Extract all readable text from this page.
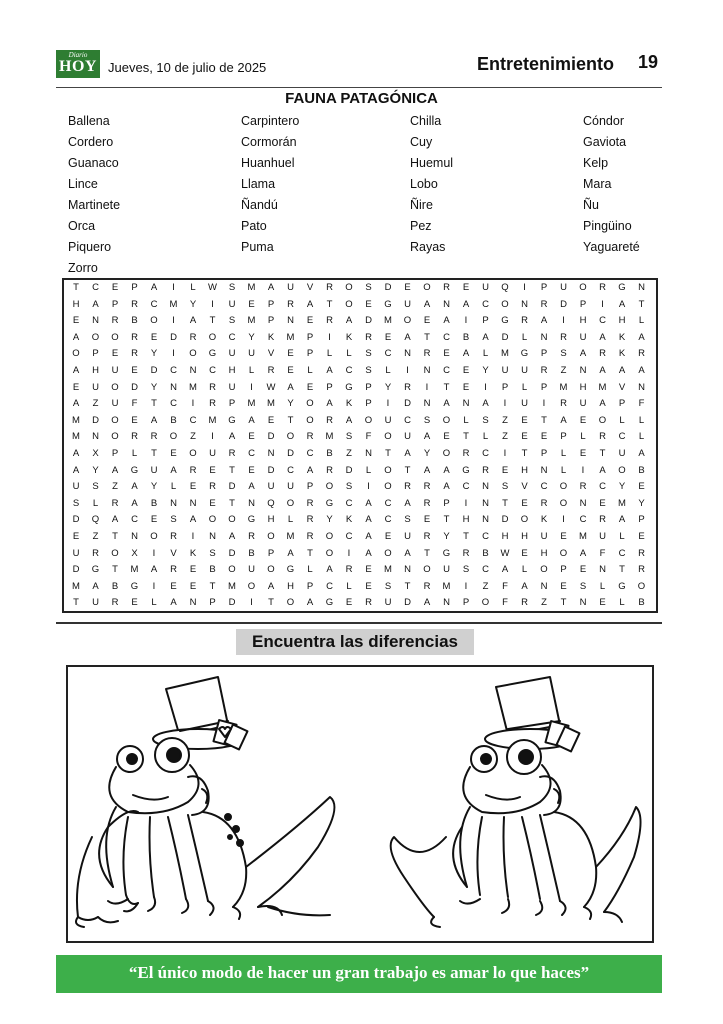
Diario
HOY Jueves, 10 de julio de 2025	Entretenimiento 19
FAUNA PATAGÓNICA
Ballena	Carpintero	Chilla	Cóndor
Cordero	Cormorán	Cuy	Gaviota
Guanaco	Huanhuel	Huemul	Kelp
Lince	Llama	Lobo	Mara
Martinete	Ñandú	Ñire	Ñu
Orca	Pato	Pez	Pingüino
Piquero	Puma	Rayas	Yaguareté
Zorro
T	C	E	P	A	I	L	W	S	M	A	U	V	R	O	S	D	E	O	R	E	U	Q	I	P	U	O	R	G	N
H	A	P	R	C	M	Y	I	U	E	P	R	A	T	O	E	G	U	A	N	A	C	O	N	R	D	P	I	A	T
E	N	R	B	O	I	A	T	S	M	P	N	E	R	A	D	M	O	E	A	I	P	G	R	A	I	H	C	H	L
A	O	O	R	E	D	R	O	C	Y	K	M	P	I	K	R	E	A	T	C	B	A	D	L	N	R	U	A	K	A
O	P	E	R	Y	I	O	G	U	U	V	E	P	L	L	S	C	N	R	E	A	L	M	G	P	S	A	R	K	R
A	H	U	E	D	C	N	C	H	L	R	E	L	A	C	S	L	I	N	C	E	Y	U	U	R	Z	N	A	A	A
E	U	O	D	Y	N	M	R	U	I	W	A	E	P	G	P	Y	R	I	T	E	I	P	L	P	M	H	M	V	N
A	Z	U	F	T	C	I	R	P	M	M	Y	O	A	K	P	I	D	N	A	N	A	I	U	I	R	U	A	P	F
M	D	O	E	A	B	C	M	G	A	E	T	O	R	A	O	U	C	S	O	L	S	Z	E	T	A	E	O	L	L
M	N	O	R	R	O	Z	I	A	E	D	O	R	M	S	F	O	U	A	E	T	L	Z	E	E	P	L	R	C	L
A	X	P	L	T	E	O	U	R	C	N	D	C	B	Z	N	T	A	Y	O	R	C	I	T	P	L	E	T	U	A
A	Y	A	G	U	A	R	E	T	E	D	C	A	R	D	L	O	T	A	A	G	R	E	H	N	L	I	A	O	B
U	S	Z	A	Y	L	E	R	D	A	U	U	P	O	S	I	O	R	R	A	C	N	S	V	C	O	R	C	Y	E
S	L	R	A	B	N	N	E	T	N	Q	O	R	G	C	A	C	A	R	P	I	N	T	E	R	O	N	E	M	Y
D	Q	A	C	E	S	A	O	O	G	H	L	R	Y	K	A	C	S	E	T	H	N	D	O	K	I	C	R	A	P
E	Z	T	N	O	R	I	N	A	R	O	M	R	O	C	A	E	U	R	Y	T	C	H	H	U	E	M	U	L	E
U	R	O	X	I	V	K	S	D	B	P	A	T	O	I	A	O	A	T	G	R	B	W	E	H	O	A	F	C	R
D	G	T	M	A	R	E	B	O	U	O	G	L	A	R	E	M	N	O	U	S	C	A	L	O	P	E	N	T	R
M	A	B	G	I	E	E	T	M	O	A	H	P	C	L	E	S	T	R	M	I	Z	F	A	N	E	S	L	G	O
T	U	R	E	L	A	N	P	D	I	T	O	A	G	E	R	U	D	A	N	P	O	F	R	Z	T	N	E	L	B
Encuentra las diferencias
“El único modo de hacer un gran trabajo es amar lo que haces”
